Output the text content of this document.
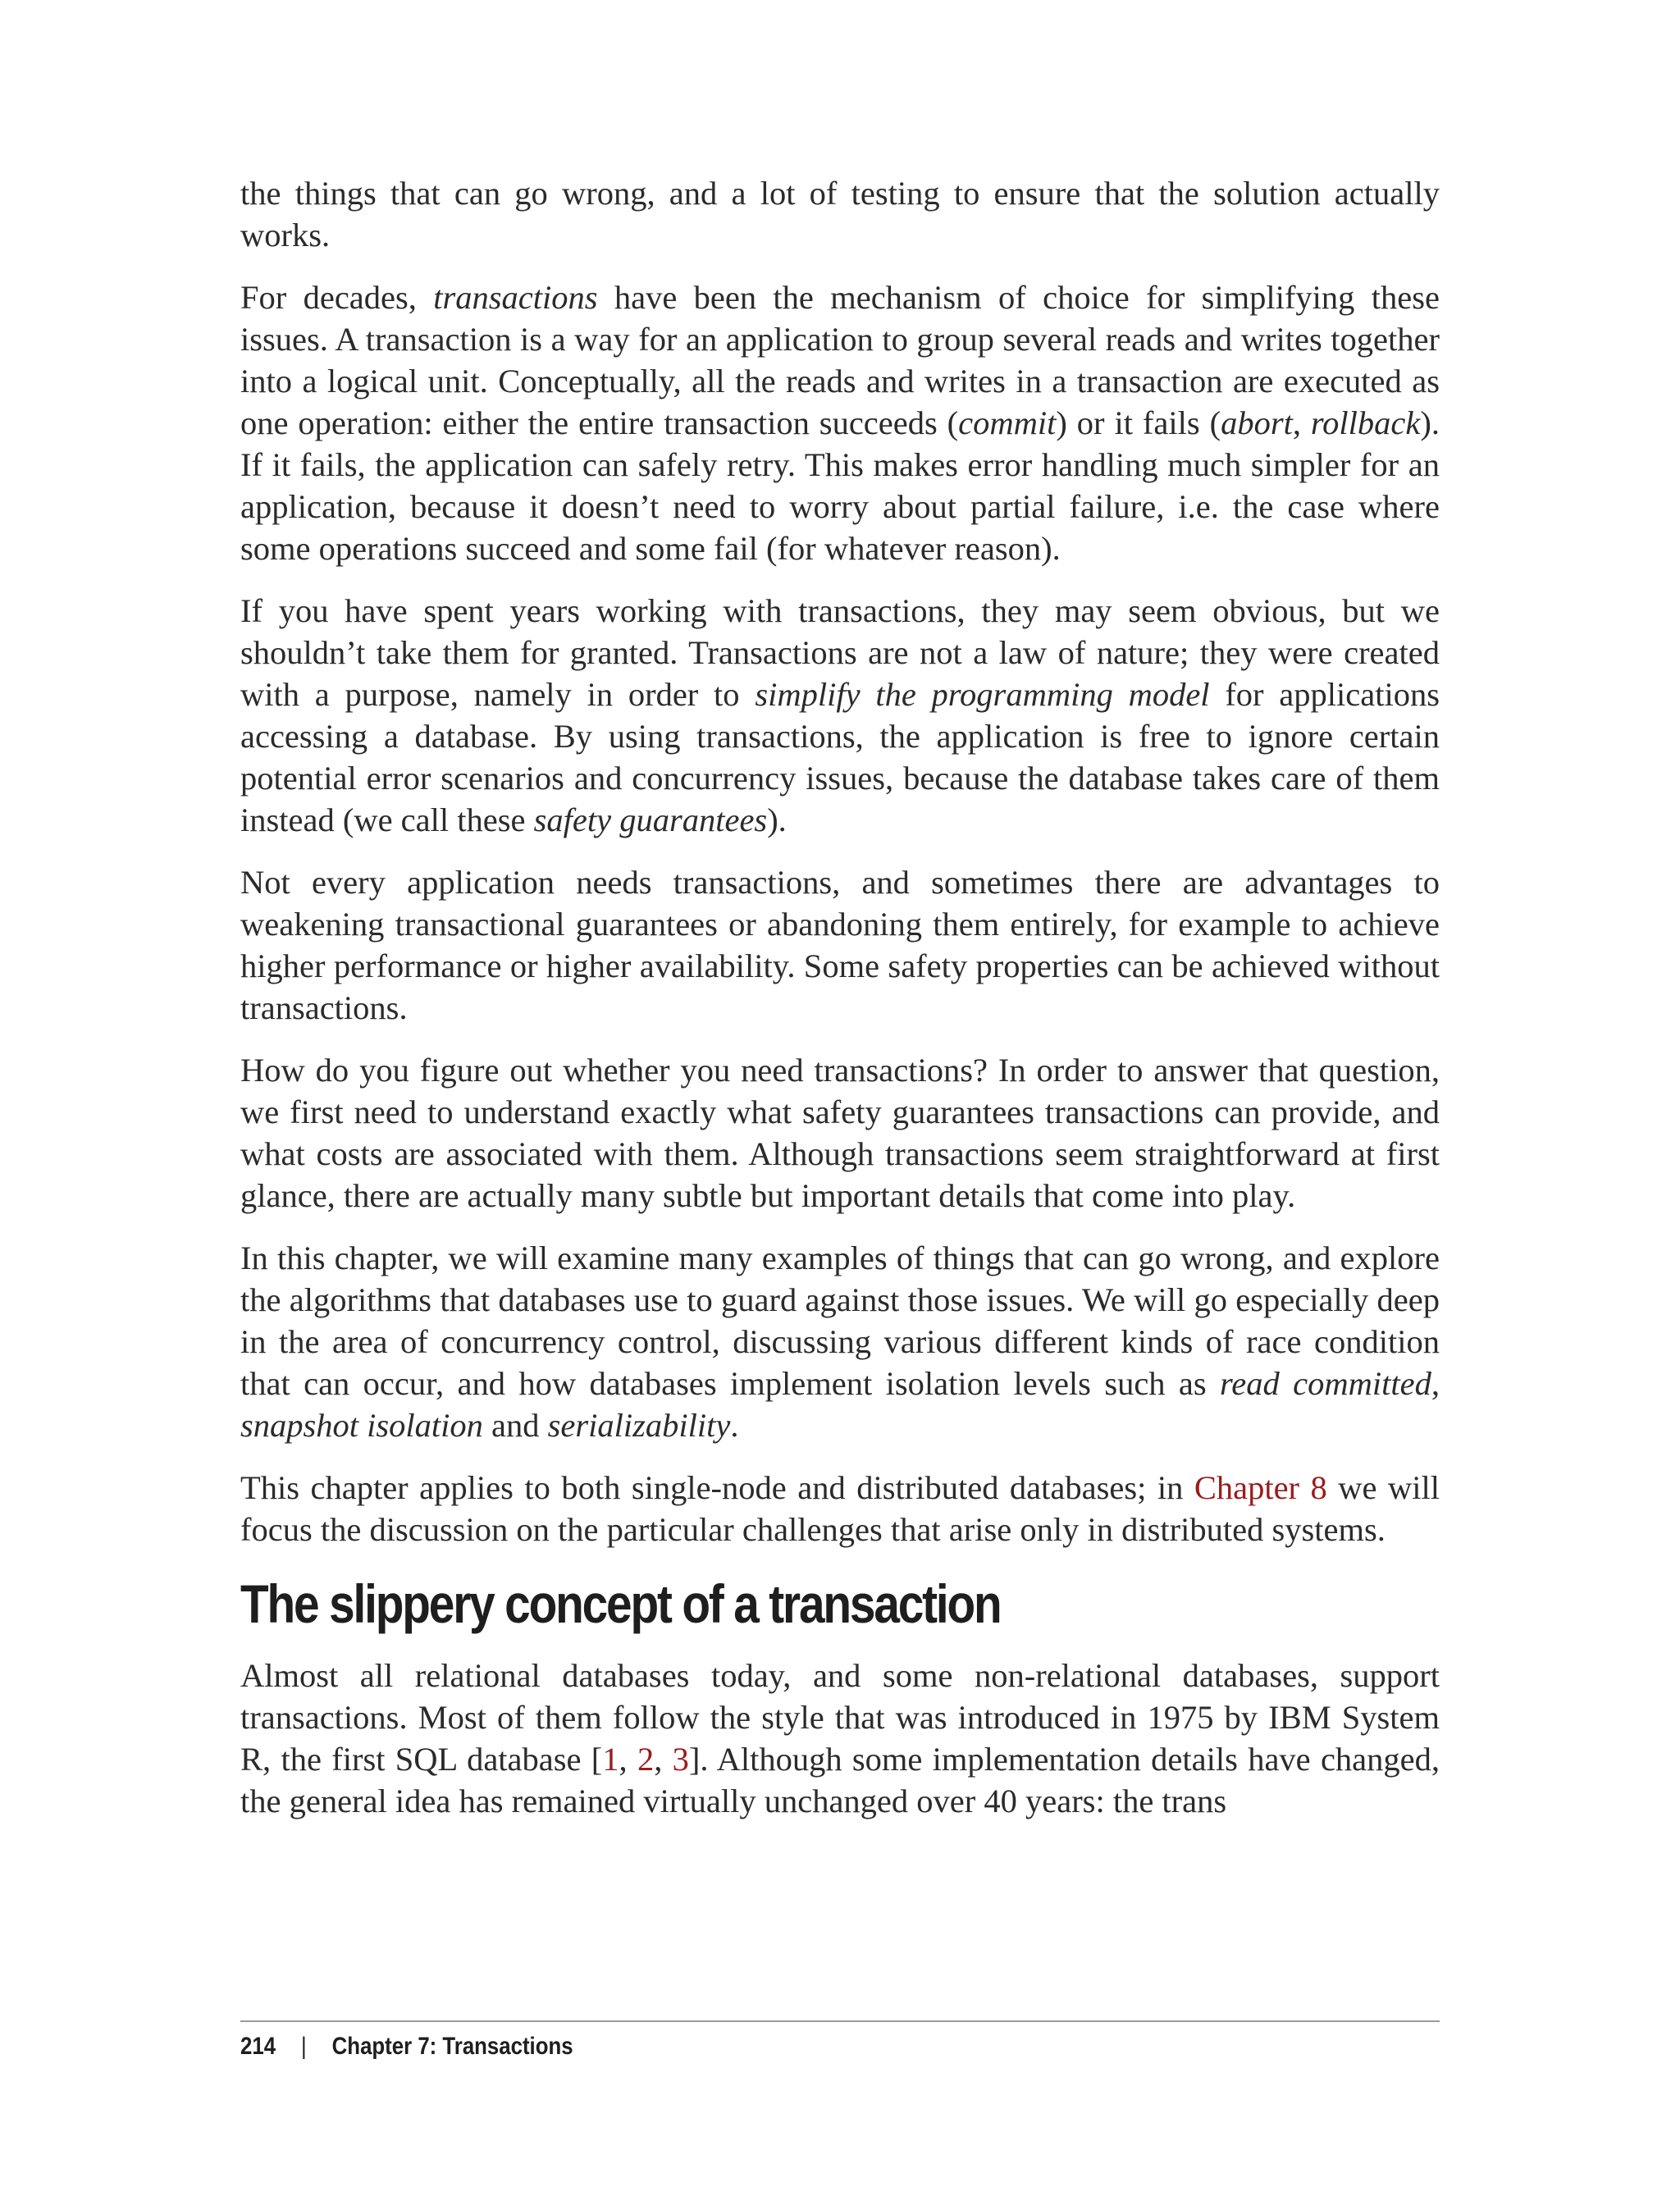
the things that can go wrong, and a lot of testing to ensure that the solution actually works.

For decades, transactions have been the mechanism of choice for simplifying these issues. A transaction is a way for an application to group several reads and writes together into a logical unit. Conceptually, all the reads and writes in a transaction are executed as one operation: either the entire transaction succeeds (commit) or it fails (abort, rollback). If it fails, the application can safely retry. This makes error handling much simpler for an application, because it doesn’t need to worry about partial failure, i.e. the case where some operations succeed and some fail (for whatever reason).

If you have spent years working with transactions, they may seem obvious, but we shouldn’t take them for granted. Transactions are not a law of nature; they were created with a purpose, namely in order to simplify the programming model for applications accessing a database. By using transactions, the application is free to ignore certain potential error scenarios and concurrency issues, because the database takes care of them instead (we call these safety guarantees).

Not every application needs transactions, and sometimes there are advantages to weakening transactional guarantees or abandoning them entirely, for example to achieve higher performance or higher availability. Some safety properties can be achieved without transactions.

How do you figure out whether you need transactions? In order to answer that question, we first need to understand exactly what safety guarantees transactions can provide, and what costs are associated with them. Although transactions seem straightforward at first glance, there are actually many subtle but important details that come into play.

In this chapter, we will examine many examples of things that can go wrong, and explore the algorithms that databases use to guard against those issues. We will go especially deep in the area of concurrency control, discussing various different kinds of race condition that can occur, and how databases implement isolation levels such as read committed, snapshot isolation and serializability.

This chapter applies to both single-node and distributed databases; in Chapter 8 we will focus the discussion on the particular challenges that arise only in distributed systems.

The slippery concept of a transaction

Almost all relational databases today, and some non-relational databases, support transactions. Most of them follow the style that was introduced in 1975 by IBM System R, the first SQL database [1, 2, 3]. Although some implementation details have changed, the general idea has remained virtually unchanged over 40 years: the trans

214 | Chapter 7: Transactions
